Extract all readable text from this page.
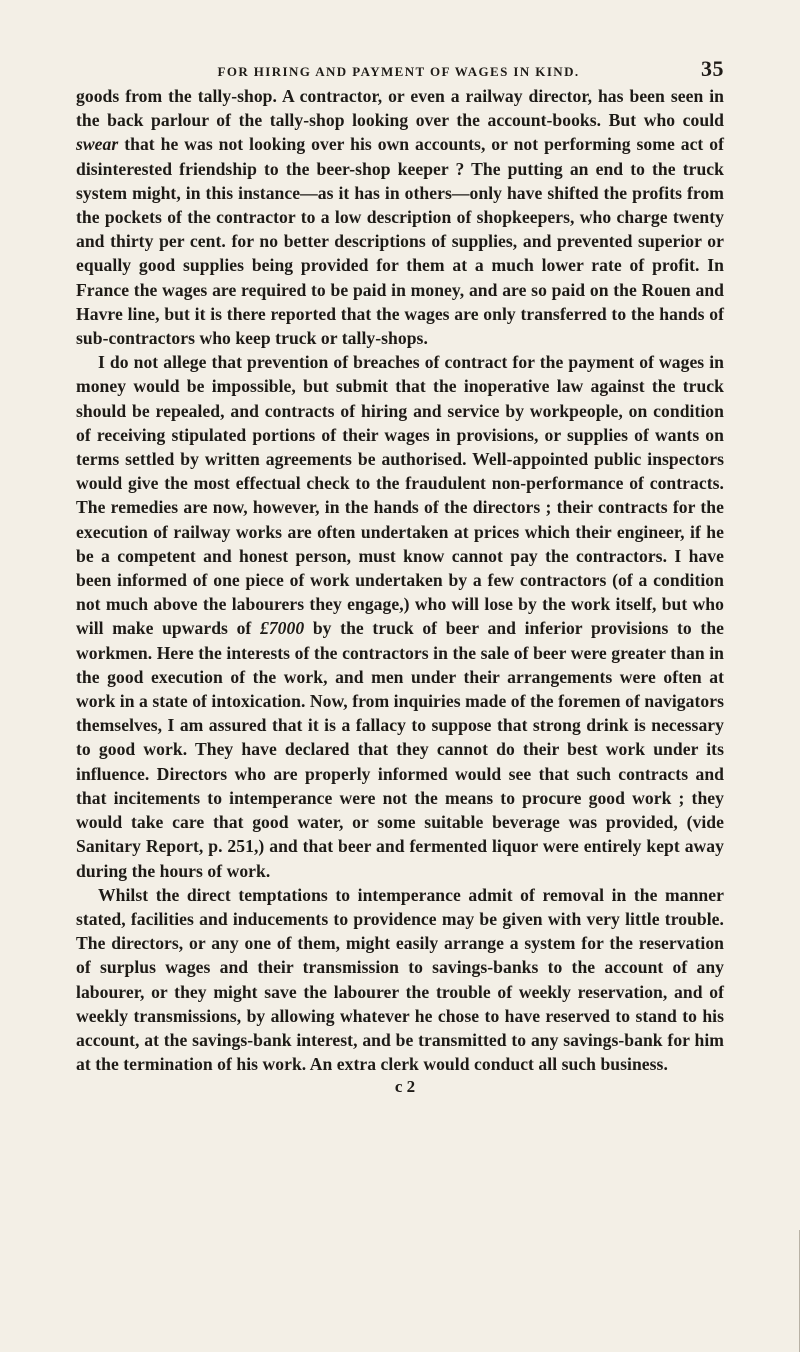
FOR HIRING AND PAYMENT OF WAGES IN KIND.	35

goods from the tally-shop. A contractor, or even a railway director, has been seen in the back parlour of the tally-shop looking over the account-books. But who could swear that he was not looking over his own accounts, or not performing some act of disinterested friendship to the beer-shop keeper ? The putting an end to the truck system might, in this instance—as it has in others—only have shifted the profits from the pockets of the contractor to a low description of shopkeepers, who charge twenty and thirty per cent. for no better descriptions of supplies, and prevented superior or equally good supplies being provided for them at a much lower rate of profit. In France the wages are required to be paid in money, and are so paid on the Rouen and Havre line, but it is there reported that the wages are only transferred to the hands of sub-contractors who keep truck or tally-shops.

I do not allege that prevention of breaches of contract for the payment of wages in money would be impossible, but submit that the inoperative law against the truck should be repealed, and contracts of hiring and service by workpeople, on condition of receiving stipulated portions of their wages in provisions, or supplies of wants on terms settled by written agreements be authorised. Well-appointed public inspectors would give the most effectual check to the fraudulent non-performance of contracts. The remedies are now, however, in the hands of the directors ; their contracts for the execution of railway works are often undertaken at prices which their engineer, if he be a competent and honest person, must know cannot pay the contractors. I have been informed of one piece of work undertaken by a few contractors (of a condition not much above the labourers they engage,) who will lose by the work itself, but who will make upwards of £7000 by the truck of beer and inferior provisions to the workmen. Here the interests of the contractors in the sale of beer were greater than in the good execution of the work, and men under their arrangements were often at work in a state of intoxication. Now, from inquiries made of the foremen of navigators themselves, I am assured that it is a fallacy to suppose that strong drink is necessary to good work. They have declared that they cannot do their best work under its influence. Directors who are properly informed would see that such contracts and that incitements to intemperance were not the means to procure good work ; they would take care that good water, or some suitable beverage was provided, (vide Sanitary Report, p. 251,) and that beer and fermented liquor were entirely kept away during the hours of work.

Whilst the direct temptations to intemperance admit of removal in the manner stated, facilities and inducements to providence may be given with very little trouble. The directors, or any one of them, might easily arrange a system for the reservation of surplus wages and their transmission to savings-banks to the account of any labourer, or they might save the labourer the trouble of weekly reservation, and of weekly transmissions, by allowing whatever he chose to have reserved to stand to his account, at the savings-bank interest, and be transmitted to any savings-bank for him at the termination of his work. An extra clerk would conduct all such business.

c 2
